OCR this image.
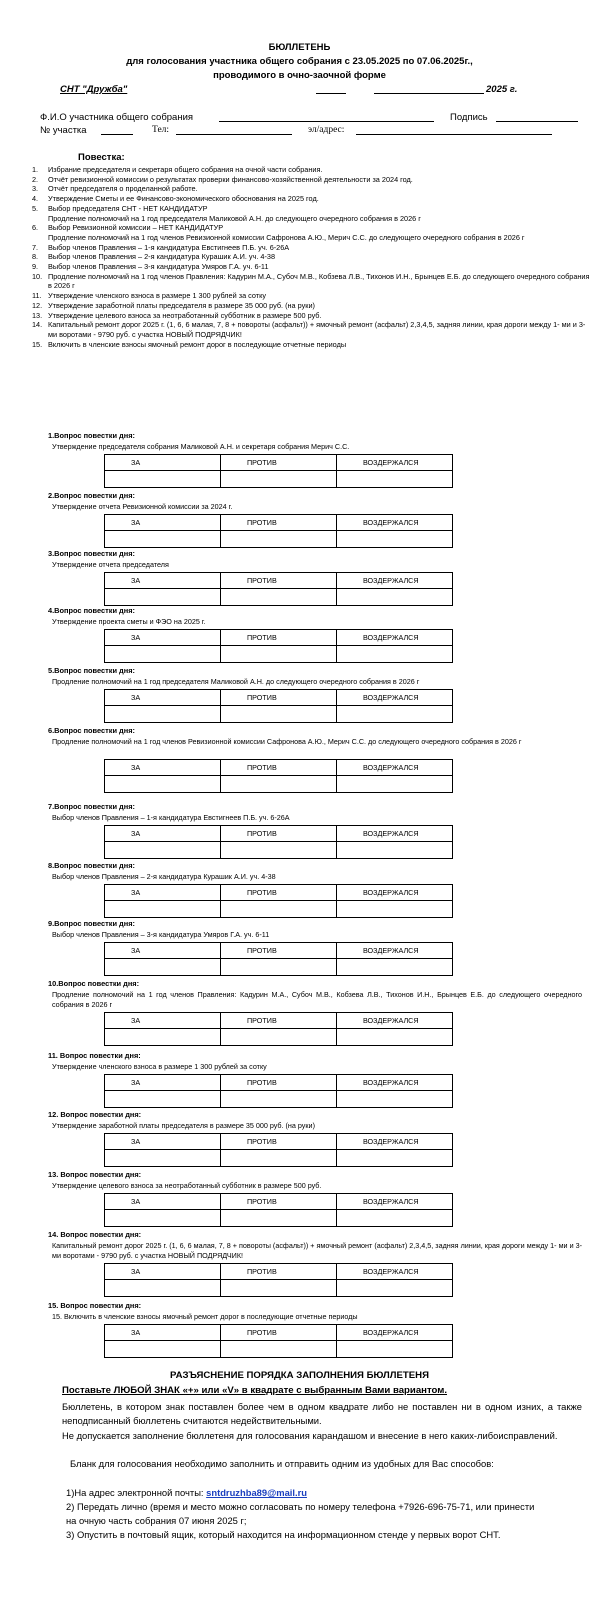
БЮЛЛЕТЕНЬ
для голосования участника общего собрания с 23.05.2025 по 07.06.2025г.,
проводимого в очно-заочной форме
СНТ "Дружба"	2025 г.
Ф.И.О участника общего собрания	Подпись
№ участка	Тел:	эл/адрес:
Повестка:
1.	Избрание председателя и секретаря общего собрания на очной части собрания.
2.	Отчёт ревизионной комиссии о результатах проверки финансово-хозяйственной деятельности за 2024 год.
3.	Отчёт председателя о проделанной работе.
4.	Утверждение Сметы и ее Финансово-экономического обоснования на 2025 год.
5.	Выбор председателя СНТ - НЕТ КАНДИДАТУР
Продление полномочий на 1 год председателя Маликовой А.Н. до следующего очередного собрания в 2026 г
6.	Выбор Ревизионной комиссии – НЕТ КАНДИДАТУР
Продление полномочий на 1 год членов Ревизионной комиссии Сафронова А.Ю., Мерич С.С. до следующего очередного собрания в 2026 г
7.	Выбор членов Правления – 1-я кандидатура Евстигнеев П.Б. уч. 6-26А
8.	Выбор членов Правления – 2-я кандидатура Курашик А.И. уч. 4-38
9.	Выбор членов Правления – 3-я кандидатура Умяров Г.А. уч. 6-11
10. Продление полномочий на 1 год членов Правления: Кадурин М.А., Субоч М.В., Кобзева Л.В., Тихонов И.Н., Брынцев Е.Б. до следующего очередного собрания в 2026 г
11. Утверждение членского взноса в размере 1 300 рублей за сотку
12. Утверждение заработной платы председателя в размере 35 000 руб. (на руки)
13. Утверждение целевого взноса за неотработанный субботник в размере 500 руб.
14. Капитальный ремонт дорог 2025 г. (1, 6, 6 малая, 7, 8 + повороты (асфальт)) + ямочный ремонт (асфальт) 2,3,4,5, задняя линии, края дороги между 1- ми и 3- ми воротами - 9790 руб. с участка НОВЫЙ ПОДРЯДЧИК!
15. Включить в членские взносы ямочный ремонт дорог в последующие отчетные периоды
1.Вопрос повестки дня:
Утверждение председателя собрания Маликовой А.Н. и секретаря собрания Мерич С.С.
ЗА	ПРОТИВ	ВОЗДЕРЖАЛСЯ

2.Вопрос повестки дня:
Утверждение отчета Ревизионной комиссии за 2024 г.
ЗА	ПРОТИВ	ВОЗДЕРЖАЛСЯ

3.Вопрос повестки дня:
Утверждение отчета председателя
ЗА	ПРОТИВ	ВОЗДЕРЖАЛСЯ

4.Вопрос повестки дня:
Утверждение проекта сметы и ФЭО на 2025 г.
ЗА	ПРОТИВ	ВОЗДЕРЖАЛСЯ

5.Вопрос повестки дня:
Продление полномочий на 1 год председателя Маликовой А.Н. до следующего очередного собрания в 2026 г
ЗА	ПРОТИВ	ВОЗДЕРЖАЛСЯ

6.Вопрос повестки дня:
Продление полномочий на 1 год членов Ревизионной комиссии Сафронова А.Ю., Мерич С.С. до следующего очередного собрания в 2026 г
ЗА	ПРОТИВ	ВОЗДЕРЖАЛСЯ

7.Вопрос повестки дня:
Выбор членов Правления – 1-я кандидатура Евстигнеев П.Б. уч. 6-26А
ЗА	ПРОТИВ	ВОЗДЕРЖАЛСЯ

8.Вопрос повестки дня:
Выбор членов Правления – 2-я кандидатура Курашик А.И. уч. 4-38
ЗА	ПРОТИВ	ВОЗДЕРЖАЛСЯ

9.Вопрос повестки дня:
Выбор членов Правления – 3-я кандидатура Умяров Г.А. уч. 6-11
ЗА	ПРОТИВ	ВОЗДЕРЖАЛСЯ

10.Вопрос повестки дня:
Продление полномочий на 1 год членов Правления: Кадурин М.А., Субоч М.В., Кобзева Л.В., Тихонов И.Н., Брынцев Е.Б. до следующего очередного собрания в 2026 г
ЗА	ПРОТИВ	ВОЗДЕРЖАЛСЯ

11. Вопрос повестки дня:
Утверждение членского взноса в размере 1 300 рублей за сотку
ЗА	ПРОТИВ	ВОЗДЕРЖАЛСЯ

12. Вопрос повестки дня:
Утверждение заработной платы председателя в размере 35 000 руб. (на руки)
ЗА	ПРОТИВ	ВОЗДЕРЖАЛСЯ

13. Вопрос повестки дня:
Утверждение целевого взноса за неотработанный субботник в размере 500 руб.
ЗА	ПРОТИВ	ВОЗДЕРЖАЛСЯ

14. Вопрос повестки дня:
Капитальный ремонт дорог 2025 г. (1, 6, 6 малая, 7, 8 + повороты (асфальт)) + ямочный ремонт (асфальт) 2,3,4,5, задняя линии, края дороги между 1- ми и 3- ми воротами - 9790 руб. с участка НОВЫЙ ПОДРЯДЧИК!
ЗА	ПРОТИВ	ВОЗДЕРЖАЛСЯ

15. Вопрос повестки дня:
15. Включить в членские взносы ямочный ремонт дорог в последующие отчетные периоды
ЗА	ПРОТИВ	ВОЗДЕРЖАЛСЯ

РАЗЪЯСНЕНИЕ ПОРЯДКА ЗАПОЛНЕНИЯ БЮЛЛЕТЕНЯ
Поставьте ЛЮБОЙ ЗНАК «+» или «V» в квадрате с выбранным Вами вариантом.
Бюллетень, в котором знак поставлен более чем в одном квадрате либо не поставлен ни в одном изних, а также неподписанный бюллетень считаются недействительными.
Не допускается заполнение бюллетеня для голосования карандашом и внесение в него каких-либоисправлений.
Бланк для голосования необходимо заполнить и отправить одним из удобных для Вас способов:
1)На адрес электронной почты: sntdruzhba89@mail.ru
2) Передать лично (время и место можно согласовать по номеру телефона +7926-696-75-71, или принести на очную часть собрания 07 июня 2025 г;
3) Опустить в почтовый ящик, который находится на информационном стенде у первых ворот СНТ.
